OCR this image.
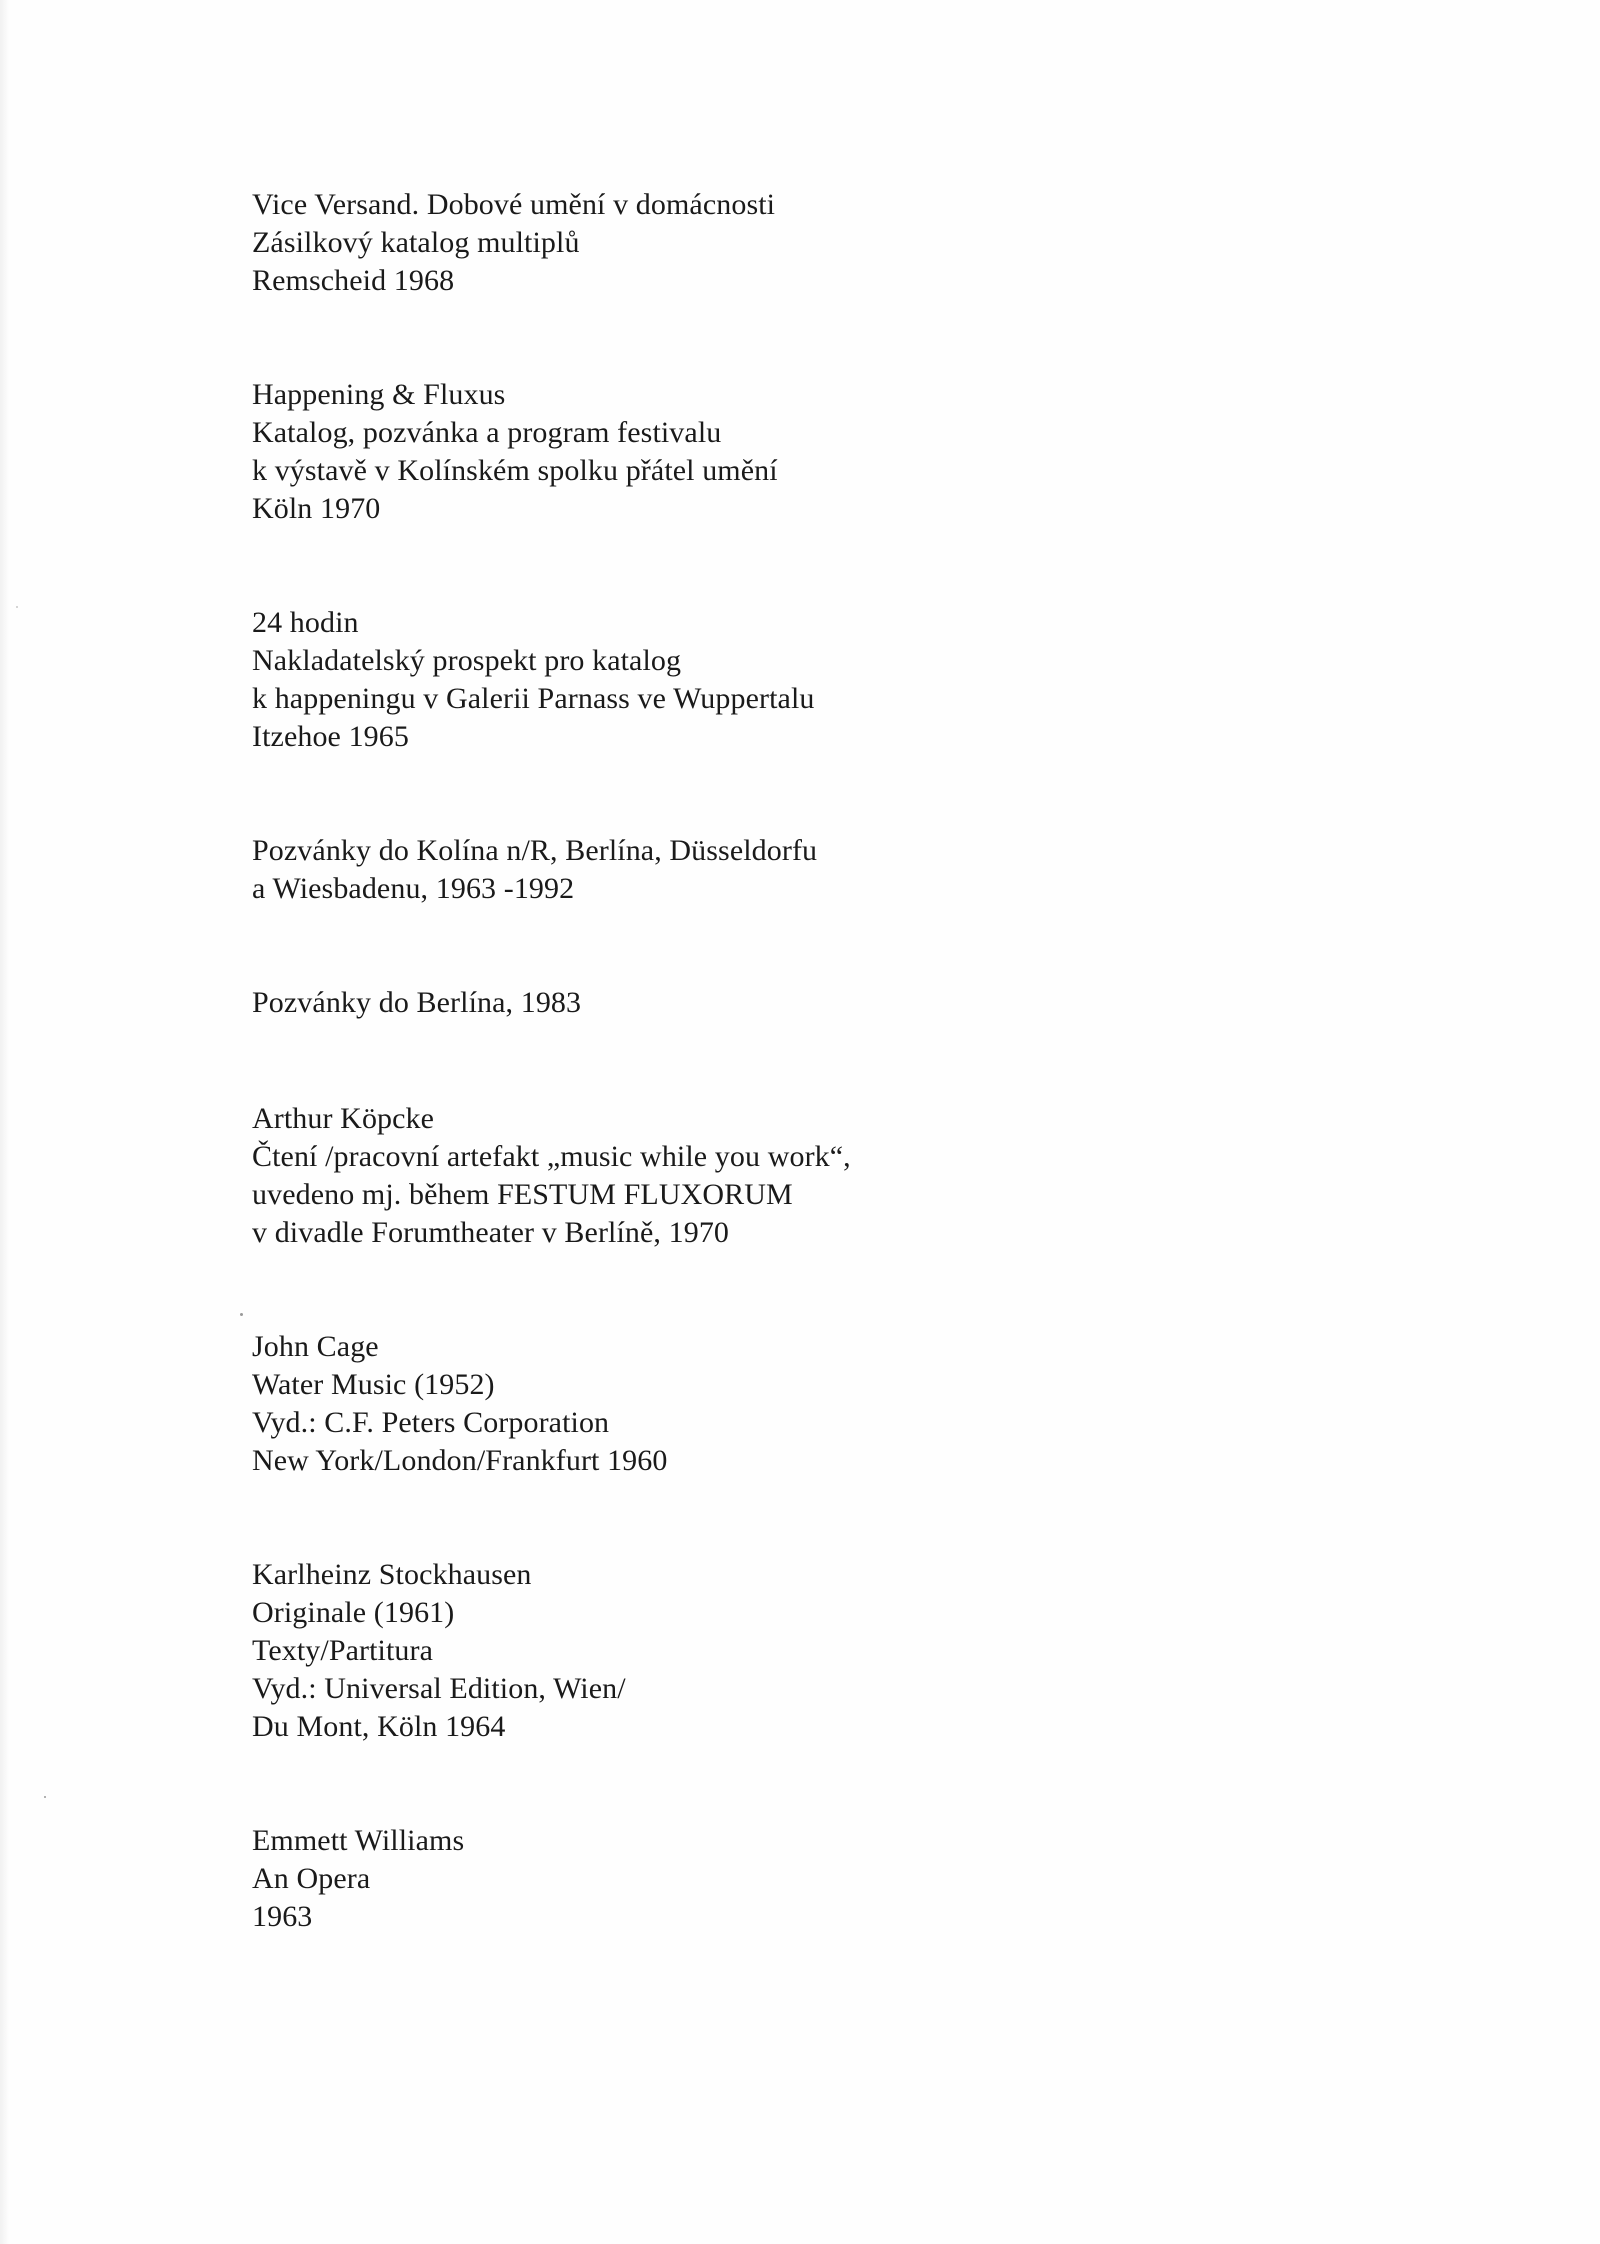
Vice Versand. Dobové umění v domácnosti
Zásilkový katalog multiplů
Remscheid 1968
Happening & Fluxus
Katalog, pozvánka a program festivalu
k výstavě v Kolínském spolku přátel umění
Köln 1970
24 hodin
Nakladatelský prospekt pro katalog
k happeningu v Galerii Parnass ve Wuppertalu
Itzehoe 1965
Pozvánky do Kolína n/R, Berlína, Düsseldorfu
a Wiesbadenu, 1963 -1992
Pozvánky do Berlína, 1983
Arthur Köpcke
Čtení /pracovní artefakt „music while you work“,
uvedeno mj. během FESTUM FLUXORUM
v divadle Forumtheater v Berlíně, 1970
John Cage
Water Music (1952)
Vyd.: C.F. Peters Corporation
New York/London/Frankfurt 1960
Karlheinz Stockhausen
Originale (1961)
Texty/Partitura
Vyd.: Universal Edition, Wien/
Du Mont, Köln 1964
Emmett Williams
An Opera
1963
